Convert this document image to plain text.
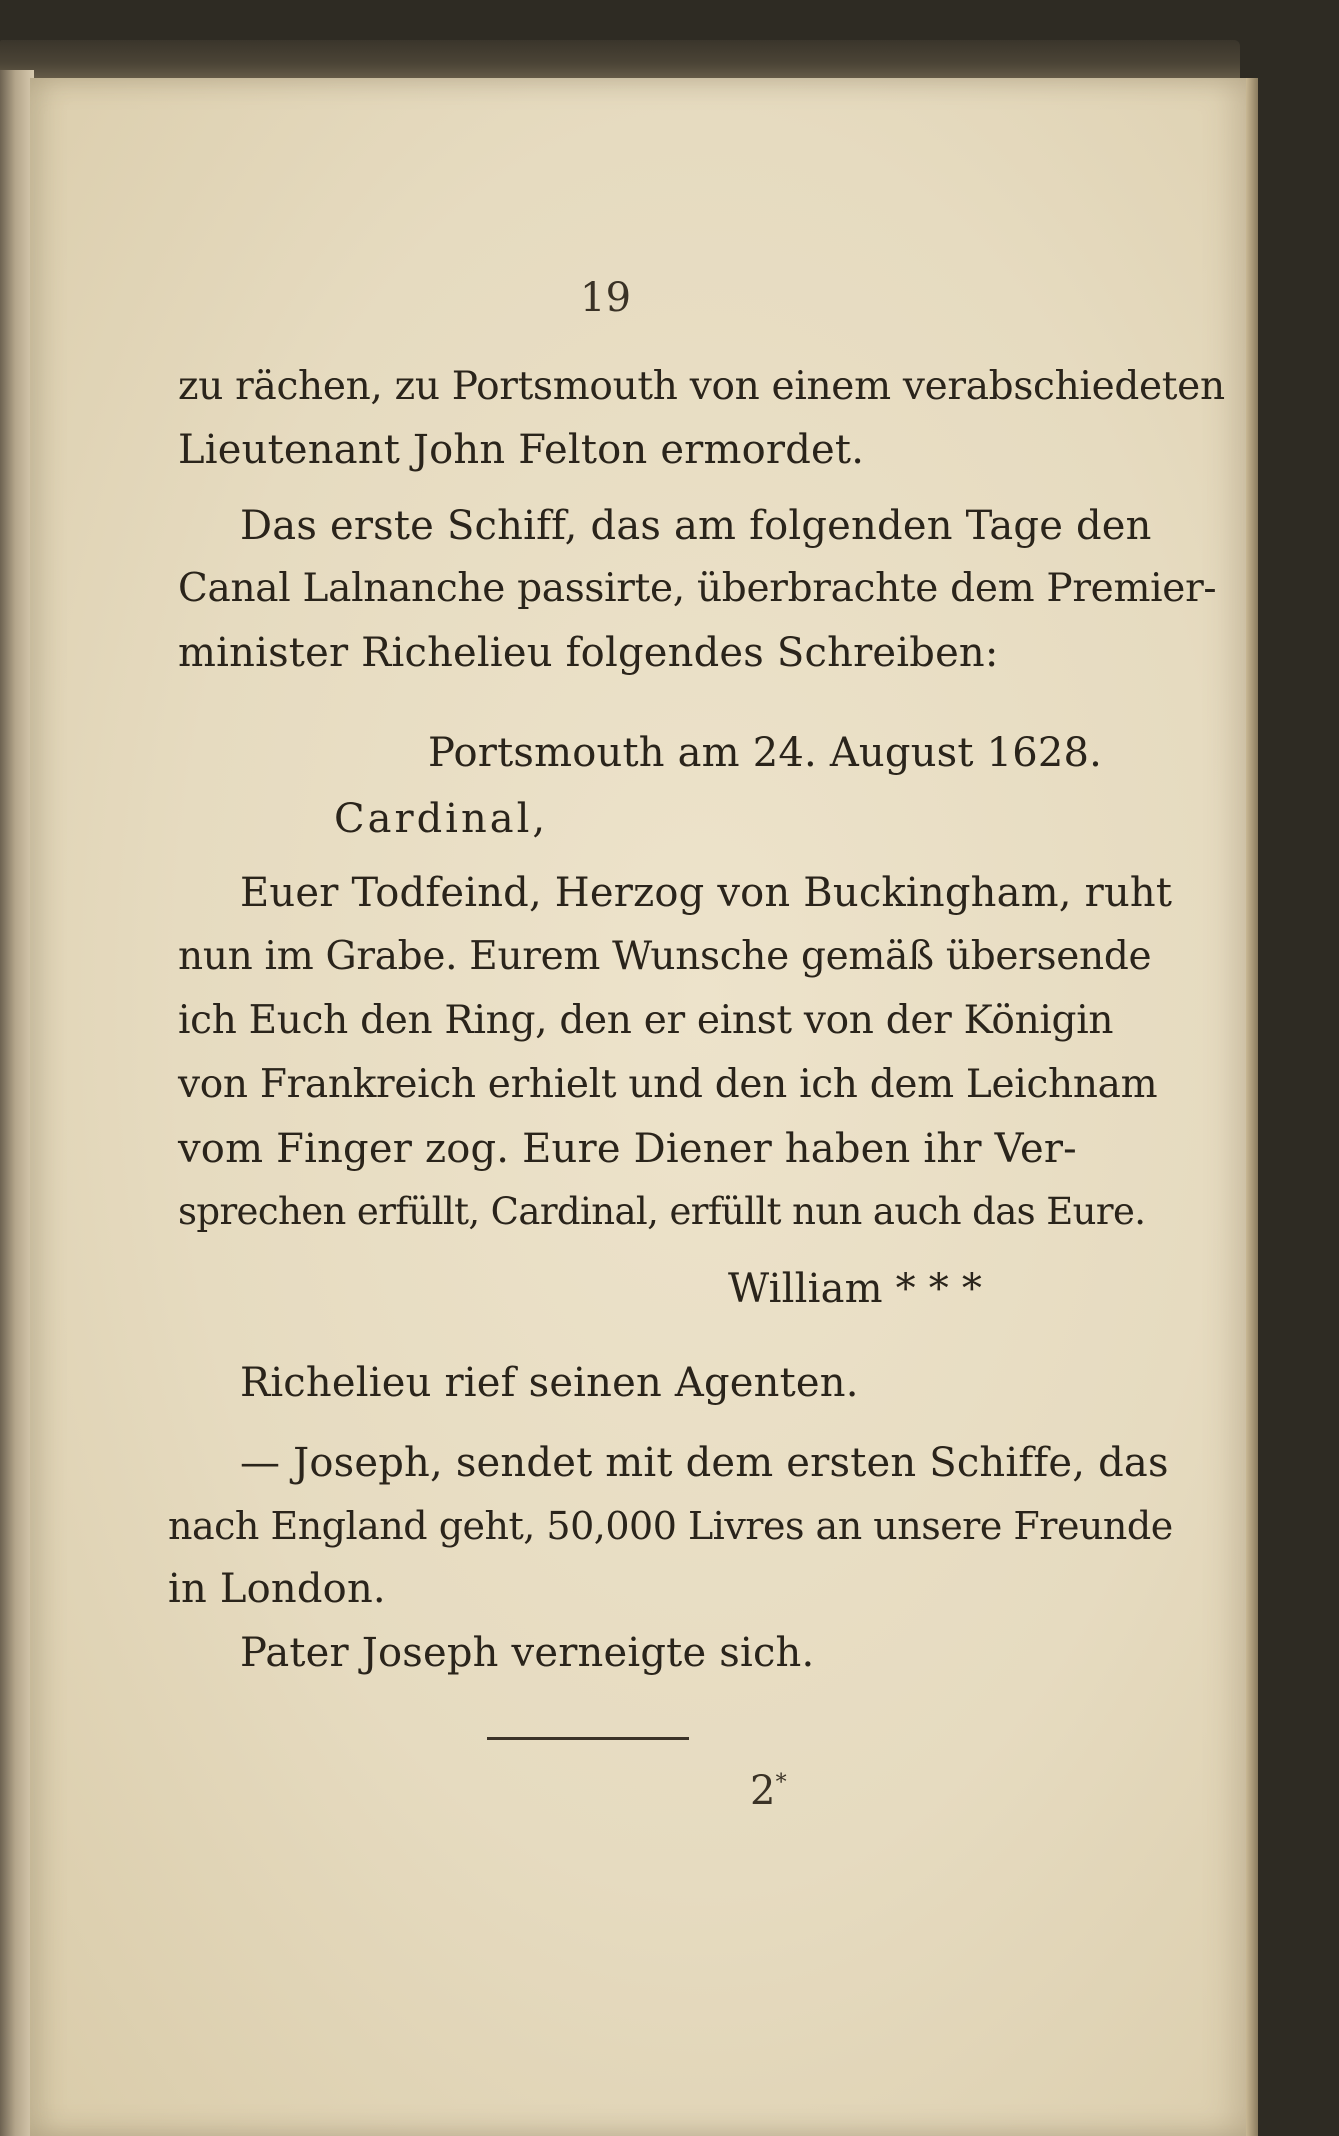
19
zu rächen, zu Portsmouth von einem verabschiedeten
Lieutenant John Felton ermordet.
Das erste Schiff, das am folgenden Tage den
Canal Lalnanche passirte, überbrachte dem Premier-
minister Richelieu folgendes Schreiben:
Portsmouth am 24. August 1628.
Cardinal,
Euer Todfeind, Herzog von Buckingham, ruht
nun im Grabe. Eurem Wunsche gemäß übersende
ich Euch den Ring, den er einst von der Königin
von Frankreich erhielt und den ich dem Leichnam
vom Finger zog. Eure Diener haben ihr Ver-
sprechen erfüllt, Cardinal, erfüllt nun auch das Eure.
William * * *
Richelieu rief seinen Agenten.
— Joseph, sendet mit dem ersten Schiffe, das
nach England geht, 50,000 Livres an unsere Freunde
in London.
Pater Joseph verneigte sich.
2*
